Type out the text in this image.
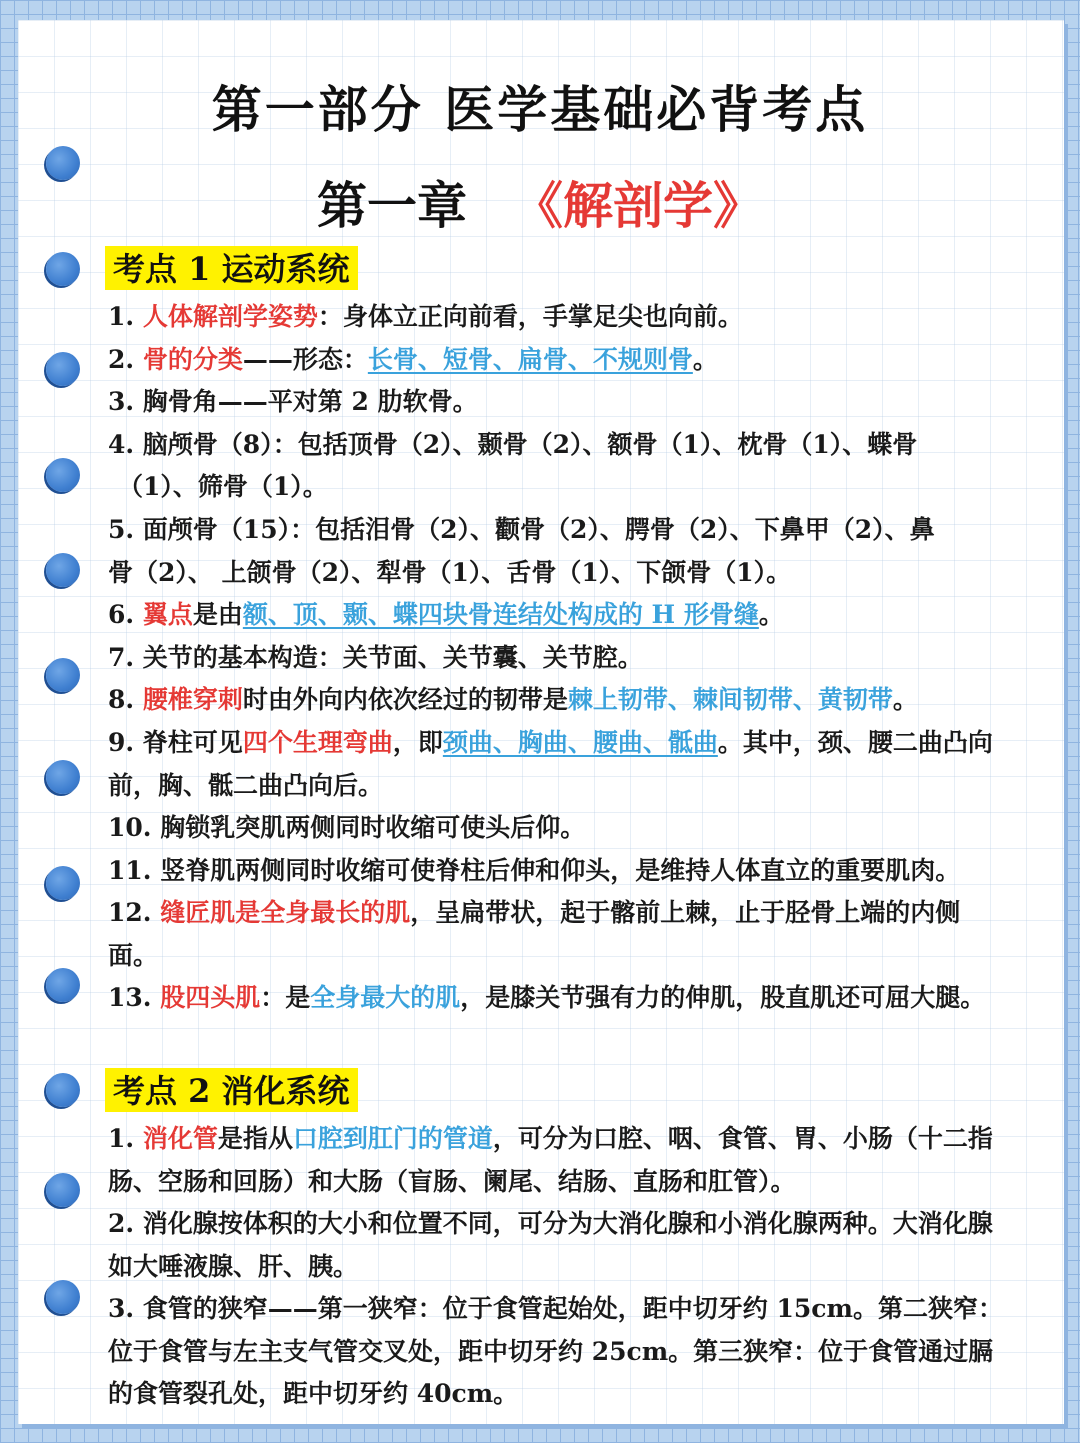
第一部分 医学基础必背考点
第一章 《解剖学》
考点 1 运动系统
1. 人体解剖学姿势：身体立正向前看，手掌足尖也向前。
2. 骨的分类——形态：长骨、短骨、扁骨、不规则骨。
3. 胸骨角——平对第 2 肋软骨。
4. 脑颅骨（8）：包括顶骨（2）、颞骨（2）、额骨（1）、枕骨（1）、蝶骨
（1）、筛骨（1）。
5. 面颅骨（15）：包括泪骨（2）、颧骨（2）、腭骨（2）、下鼻甲（2）、鼻
骨（2）、 上颌骨（2）、犁骨（1）、舌骨（1）、下颌骨（1）。
6. 翼点是由额、顶、颞、蝶四块骨连结处构成的 H 形骨缝。
7. 关节的基本构造：关节面、关节囊、关节腔。
8. 腰椎穿刺时由外向内依次经过的韧带是棘上韧带、棘间韧带、黄韧带。
9. 脊柱可见四个生理弯曲，即颈曲、胸曲、腰曲、骶曲。其中，颈、腰二曲凸向
前，胸、骶二曲凸向后。
10. 胸锁乳突肌两侧同时收缩可使头后仰。
11. 竖脊肌两侧同时收缩可使脊柱后伸和仰头，是维持人体直立的重要肌肉。
12. 缝匠肌是全身最长的肌，呈扁带状，起于髂前上棘，止于胫骨上端的内侧
面。
13. 股四头肌：是全身最大的肌，是膝关节强有力的伸肌，股直肌还可屈大腿。
考点 2 消化系统
1. 消化管是指从口腔到肛门的管道，可分为口腔、咽、食管、胃、小肠（十二指
肠、空肠和回肠）和大肠（盲肠、阑尾、结肠、直肠和肛管）。
2. 消化腺按体积的大小和位置不同，可分为大消化腺和小消化腺两种。大消化腺
如大唾液腺、肝、胰。
3. 食管的狭窄——第一狭窄：位于食管起始处，距中切牙约 15cm。第二狭窄：
位于食管与左主支气管交叉处，距中切牙约 25cm。第三狭窄：位于食管通过膈
的食管裂孔处，距中切牙约 40cm。
